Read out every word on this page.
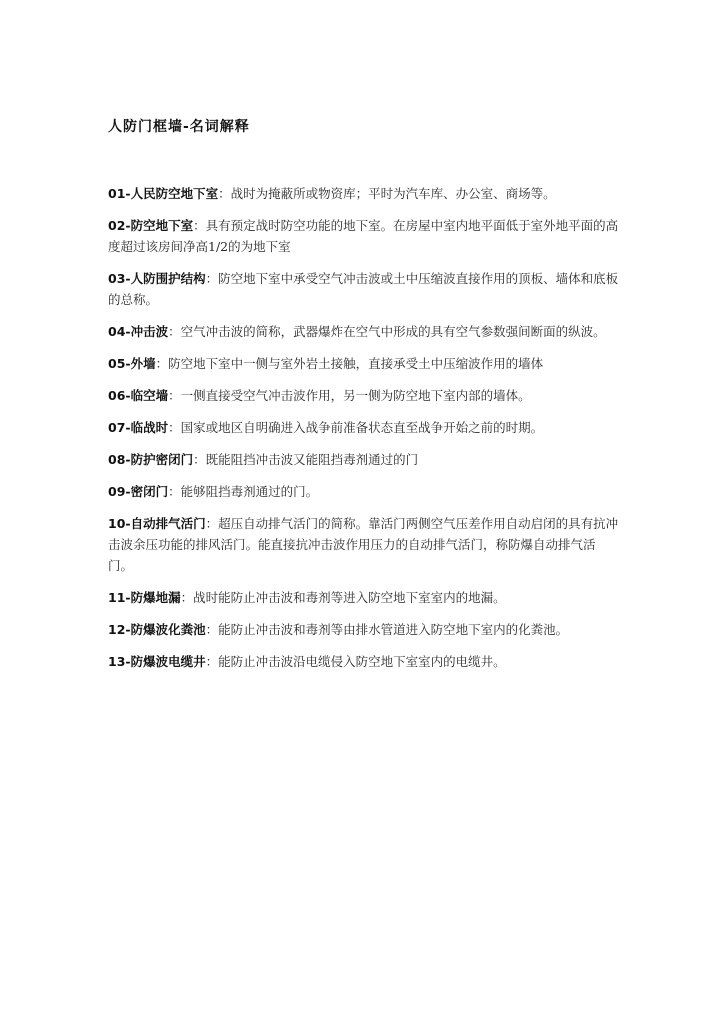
人防门框墙-名词解释
01-人民防空地下室：战时为掩蔽所或物资库；平时为汽车库、办公室、商场等。
02-防空地下室：具有预定战时防空功能的地下室。在房屋中室内地平面低于室外地平面的高度超过该房间净高1/2的为地下室
03-人防围护结构：防空地下室中承受空气冲击波或土中压缩波直接作用的顶板、墙体和底板的总称。
04-冲击波：空气冲击波的简称，武器爆炸在空气中形成的具有空气参数强间断面的纵波。
05-外墙：防空地下室中一侧与室外岩土接触，直接承受土中压缩波作用的墙体
06-临空墙：一侧直接受空气冲击波作用，另一侧为防空地下室内部的墙体。
07-临战时：国家或地区自明确进入战争前准备状态直至战争开始之前的时期。
08-防护密闭门：既能阻挡冲击波又能阻挡毒剂通过的门
09-密闭门：能够阻挡毒剂通过的门。
10-自动排气活门：超压自动排气活门的简称。靠活门两侧空气压差作用自动启闭的具有抗冲击波余压功能的排风活门。能直接抗冲击波作用压力的自动排气活门，称防爆自动排气活门。
11-防爆地漏：战时能防止冲击波和毒剂等进入防空地下室室内的地漏。
12-防爆波化粪池：能防止冲击波和毒剂等由排水管道进入防空地下室内的化粪池。
13-防爆波电缆井：能防止冲击波沿电缆侵入防空地下室室内的电缆井。
